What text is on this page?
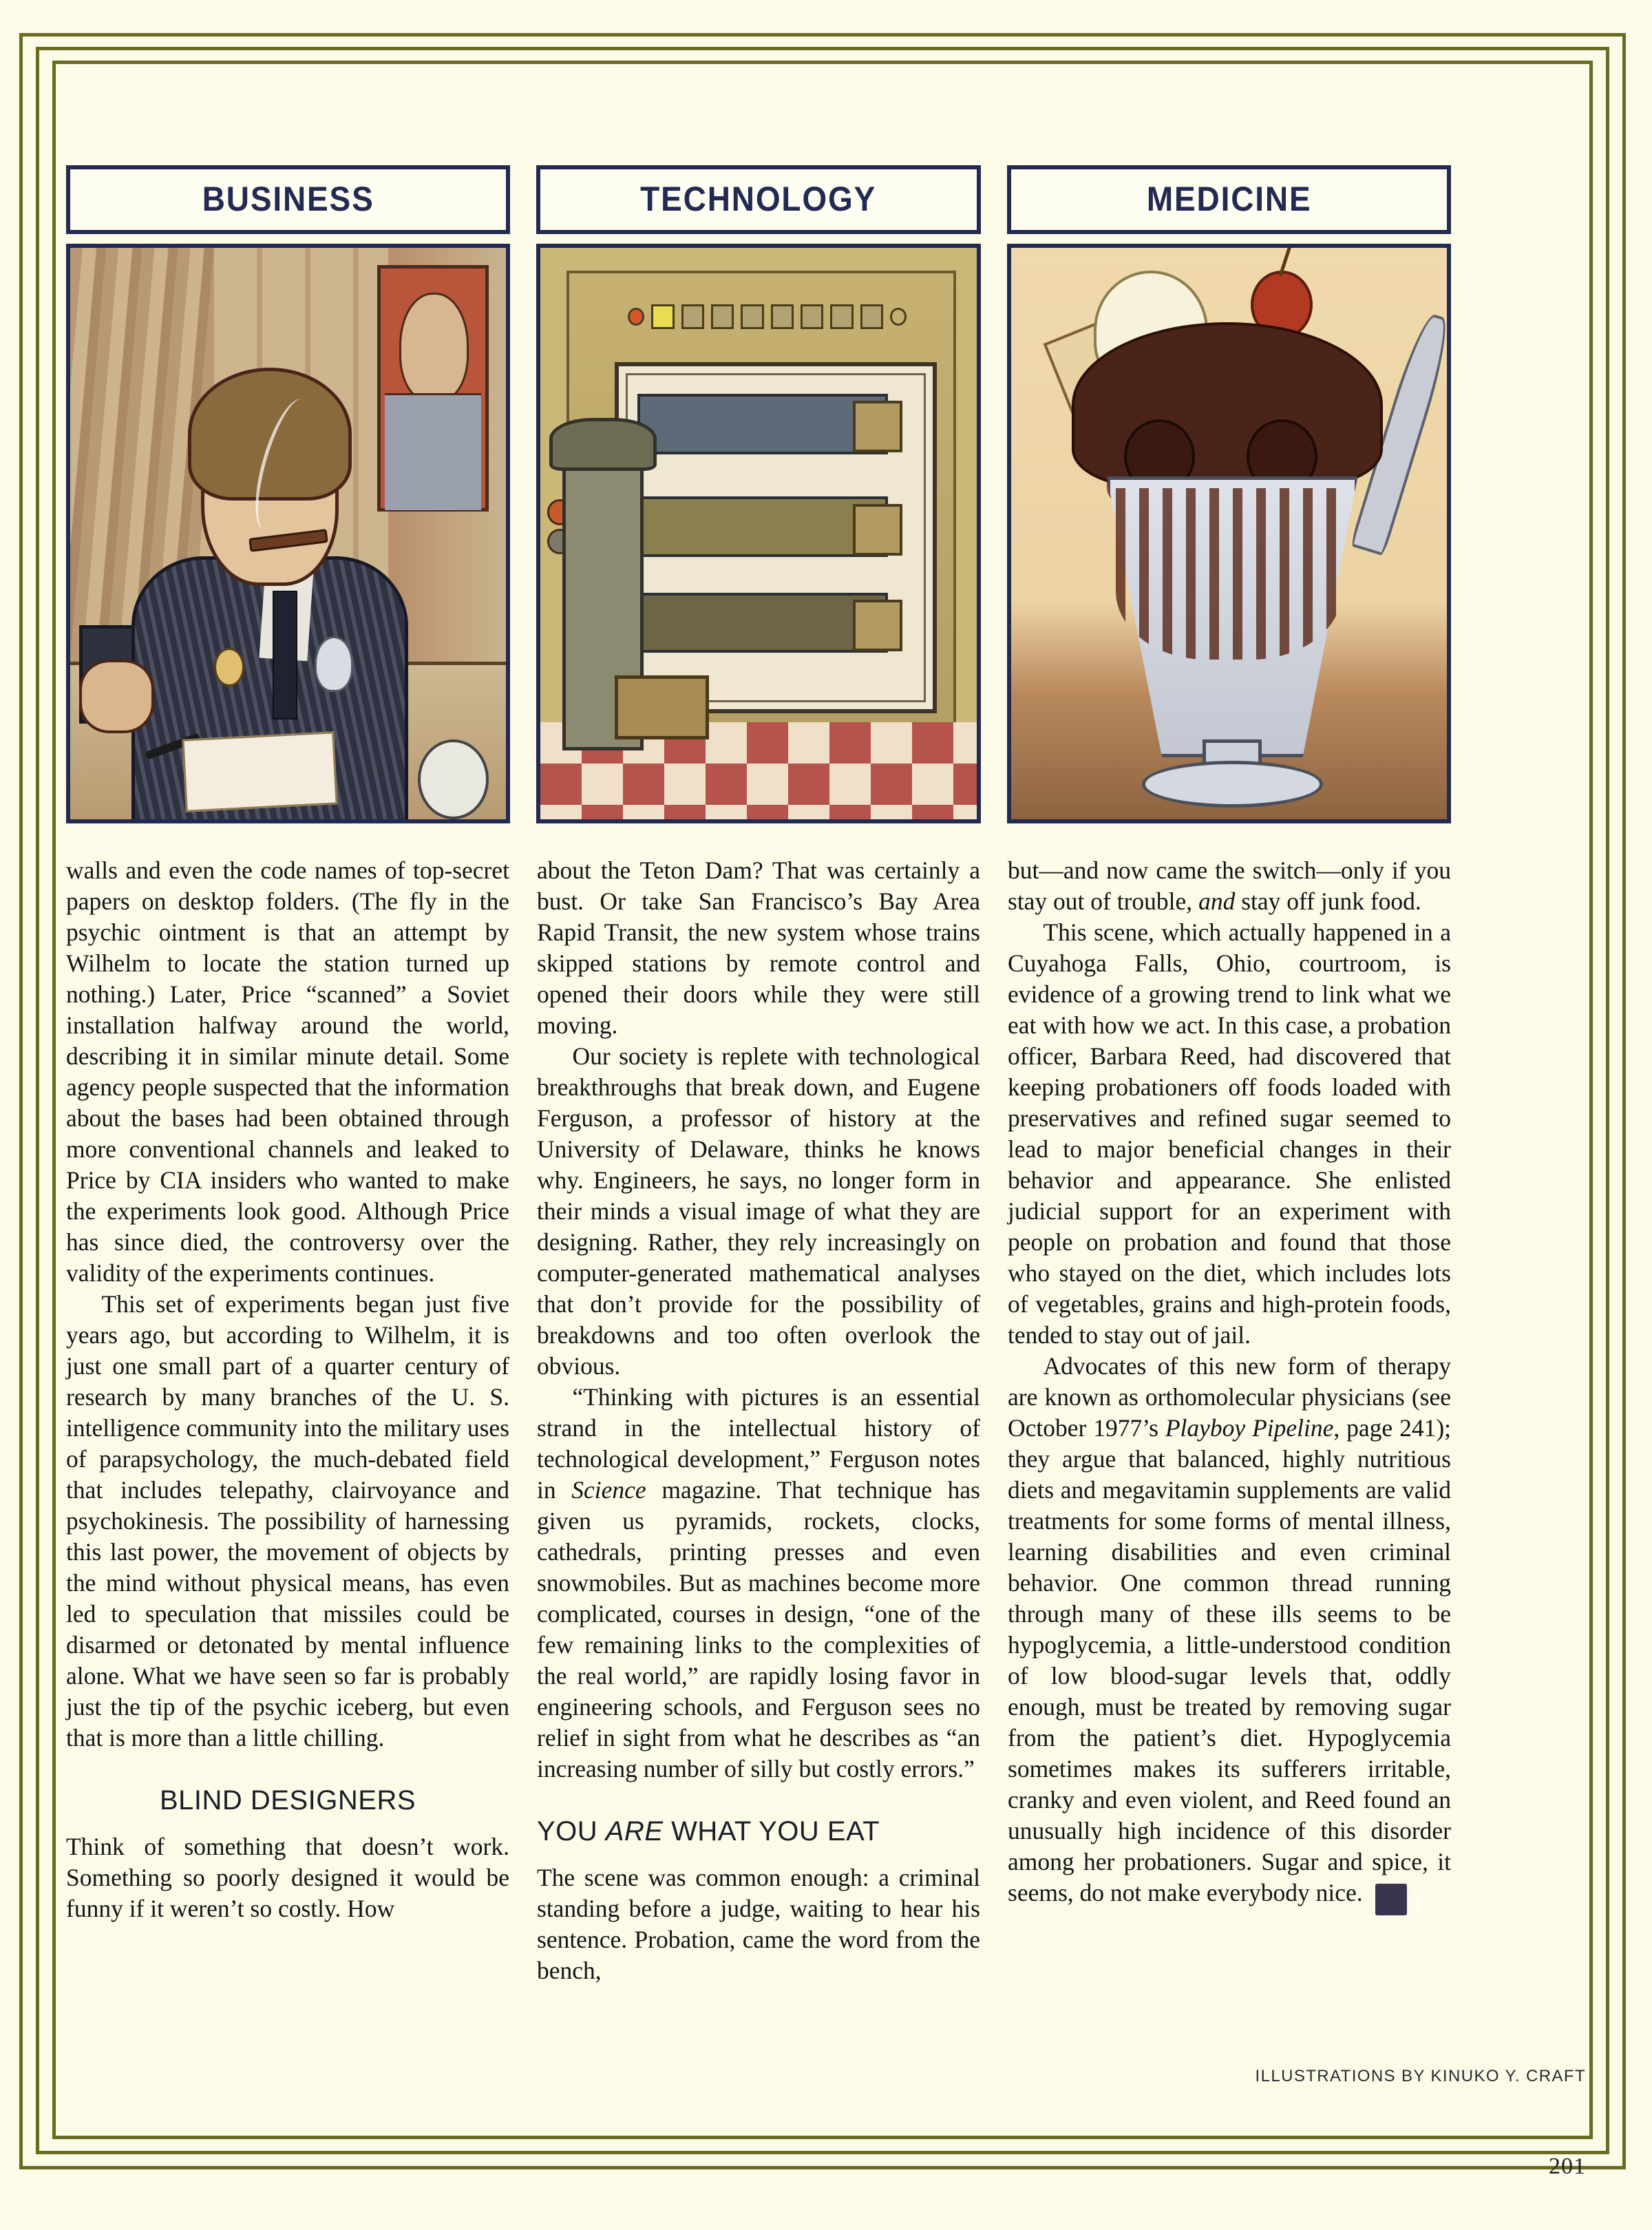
BUSINESS	TECHNOLOGY	MEDICINE

walls and even the code names of top-secret papers on desktop folders. (The fly in the psychic ointment is that an attempt by Wilhelm to locate the station turned up nothing.) Later, Price “scanned” a Soviet installation halfway around the world, describing it in similar minute detail. Some agency people suspected that the information about the bases had been obtained through more conventional channels and leaked to Price by CIA insiders who wanted to make the experiments look good. Although Price has since died, the controversy over the validity of the experiments continues.

This set of experiments began just five years ago, but according to Wilhelm, it is just one small part of a quarter century of research by many branches of the U. S. intelligence community into the military uses of parapsychology, the much-debated field that includes telepathy, clairvoyance and psychokinesis. The possibility of harnessing this last power, the movement of objects by the mind without physical means, has even led to speculation that missiles could be disarmed or detonated by mental influence alone. What we have seen so far is probably just the tip of the psychic iceberg, but even that is more than a little chilling.

BLIND DESIGNERS

Think of something that doesn’t work. Something so poorly designed it would be funny if it weren’t so costly. How

about the Teton Dam? That was certainly a bust. Or take San Francisco’s Bay Area Rapid Transit, the new system whose trains skipped stations by remote control and opened their doors while they were still moving.

Our society is replete with technological breakthroughs that break down, and Eugene Ferguson, a professor of history at the University of Delaware, thinks he knows why. Engineers, he says, no longer form in their minds a visual image of what they are designing. Rather, they rely increasingly on computer-generated mathematical analyses that don’t provide for the possibility of breakdowns and too often overlook the obvious.

“Thinking with pictures is an essential strand in the intellectual history of technological development,” Ferguson notes in Science magazine. That technique has given us pyramids, rockets, clocks, cathedrals, printing presses and even snowmobiles. But as machines become more complicated, courses in design, “one of the few remaining links to the complexities of the real world,” are rapidly losing favor in engineering schools, and Ferguson sees no relief in sight from what he describes as “an increasing number of silly but costly errors.”

YOU ARE WHAT YOU EAT

The scene was common enough: a criminal standing before a judge, waiting to hear his sentence. Probation, came the word from the bench,

but—and now came the switch—only if you stay out of trouble, and stay off junk food.

This scene, which actually happened in a Cuyahoga Falls, Ohio, courtroom, is evidence of a growing trend to link what we eat with how we act. In this case, a probation officer, Barbara Reed, had discovered that keeping probationers off foods loaded with preservatives and refined sugar seemed to lead to major beneficial changes in their behavior and appearance. She enlisted judicial support for an experiment with people on probation and found that those who stayed on the diet, which includes lots of vegetables, grains and high-protein foods, tended to stay out of jail.

Advocates of this new form of therapy are known as orthomolecular physicians (see October 1977’s Playboy Pipeline, page 241); they argue that balanced, highly nutritious diets and megavitamin supplements are valid treatments for some forms of mental illness, learning disabilities and even criminal behavior. One common thread running through many of these ills seems to be hypoglycemia, a little-understood condition of low blood-sugar levels that, oddly enough, must be treated by removing sugar from the patient’s diet. Hypoglycemia sometimes makes its sufferers irritable, cranky and even violent, and Reed found an unusually high incidence of this disorder among her probationers. Sugar and spice, it seems, do not make everybody nice. Ɣ

ILLUSTRATIONS BY KINUKO Y. CRAFT
201
